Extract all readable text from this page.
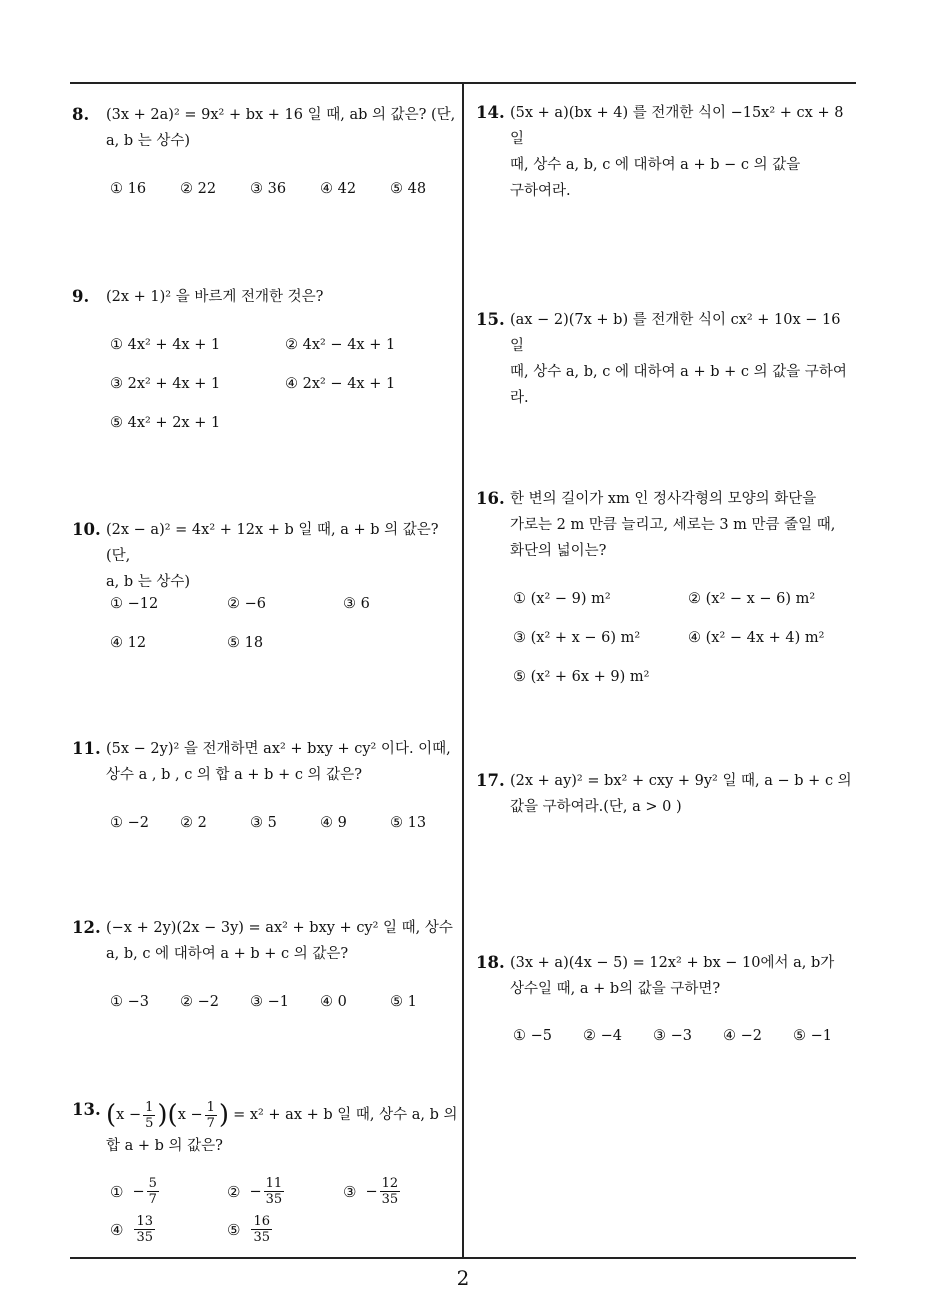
8. (3x + 2a)² = 9x² + bx + 16 일 때, ab 의 값은? (단,
a, b 는 상수)
① 16 ② 22 ③ 36 ④ 42 ⑤ 48
9. (2x + 1)² 을 바르게 전개한 것은?
① 4x² + 4x + 1	② 4x² − 4x + 1
③ 2x² + 4x + 1	④ 2x² − 4x + 1
⑤ 4x² + 2x + 1
10. (2x − a)² = 4x² + 12x + b 일 때, a + b 의 값은?(단,
a, b 는 상수)
① −12	② −6	③ 6
④ 12	⑤ 18
11. (5x − 2y)² 을 전개하면 ax² + bxy + cy² 이다. 이때,
상수 a , b , c 의 합 a + b + c 의 값은?
① −2 ② 2	③ 5	④ 9	⑤ 13
12. (−x + 2y)(2x − 3y) = ax² + bxy + cy² 일 때, 상수
a, b, c 에 대하여 a + b + c 의 값은?
① −3 ② −2 ③ −1 ④ 0	⑤ 1
13. ( $x - \frac{1}{5}$ ) ( $x - \frac{1}{7}$ ) = x² + ax + b 일 때, 상수 a, b 의
합 a + b 의 값은?
① − $\frac{5}{7}$	② − $\frac{11}{35}$	③ − $\frac{12}{35}$
④ $\frac{13}{35}$	⑤ $\frac{16}{35}$
14. (5x + a)(bx + 4) 를 전개한 식이 −15x² + cx + 8 일
때, 상수 a, b, c 에 대하여 a + b − c 의 값을
구하여라.
15. (ax − 2)(7x + b) 를 전개한 식이 cx² + 10x − 16 일
때, 상수 a, b, c 에 대하여 a + b + c 의 값을 구하여라.
16. 한 변의 길이가 xm 인 정사각형의 모양의 화단을
가로는 2 m 만큼 늘리고, 세로는 3 m 만큼 줄일 때,
화단의 넓이는?
① (x² − 9) m²	② (x² − x − 6) m²
③ (x² + x − 6) m²	④ (x² − 4x + 4) m²
⑤ (x² + 6x + 9) m²
17. (2x + ay)² = bx² + cxy + 9y² 일 때, a − b + c 의
값을 구하여라.(단, a > 0 )
18. (3x + a)(4x − 5) = 12x² + bx − 10에서 a, b가
상수일 때, a + b의 값을 구하면?
① −5 ② −4 ③ −3 ④ −2 ⑤ −1
2
